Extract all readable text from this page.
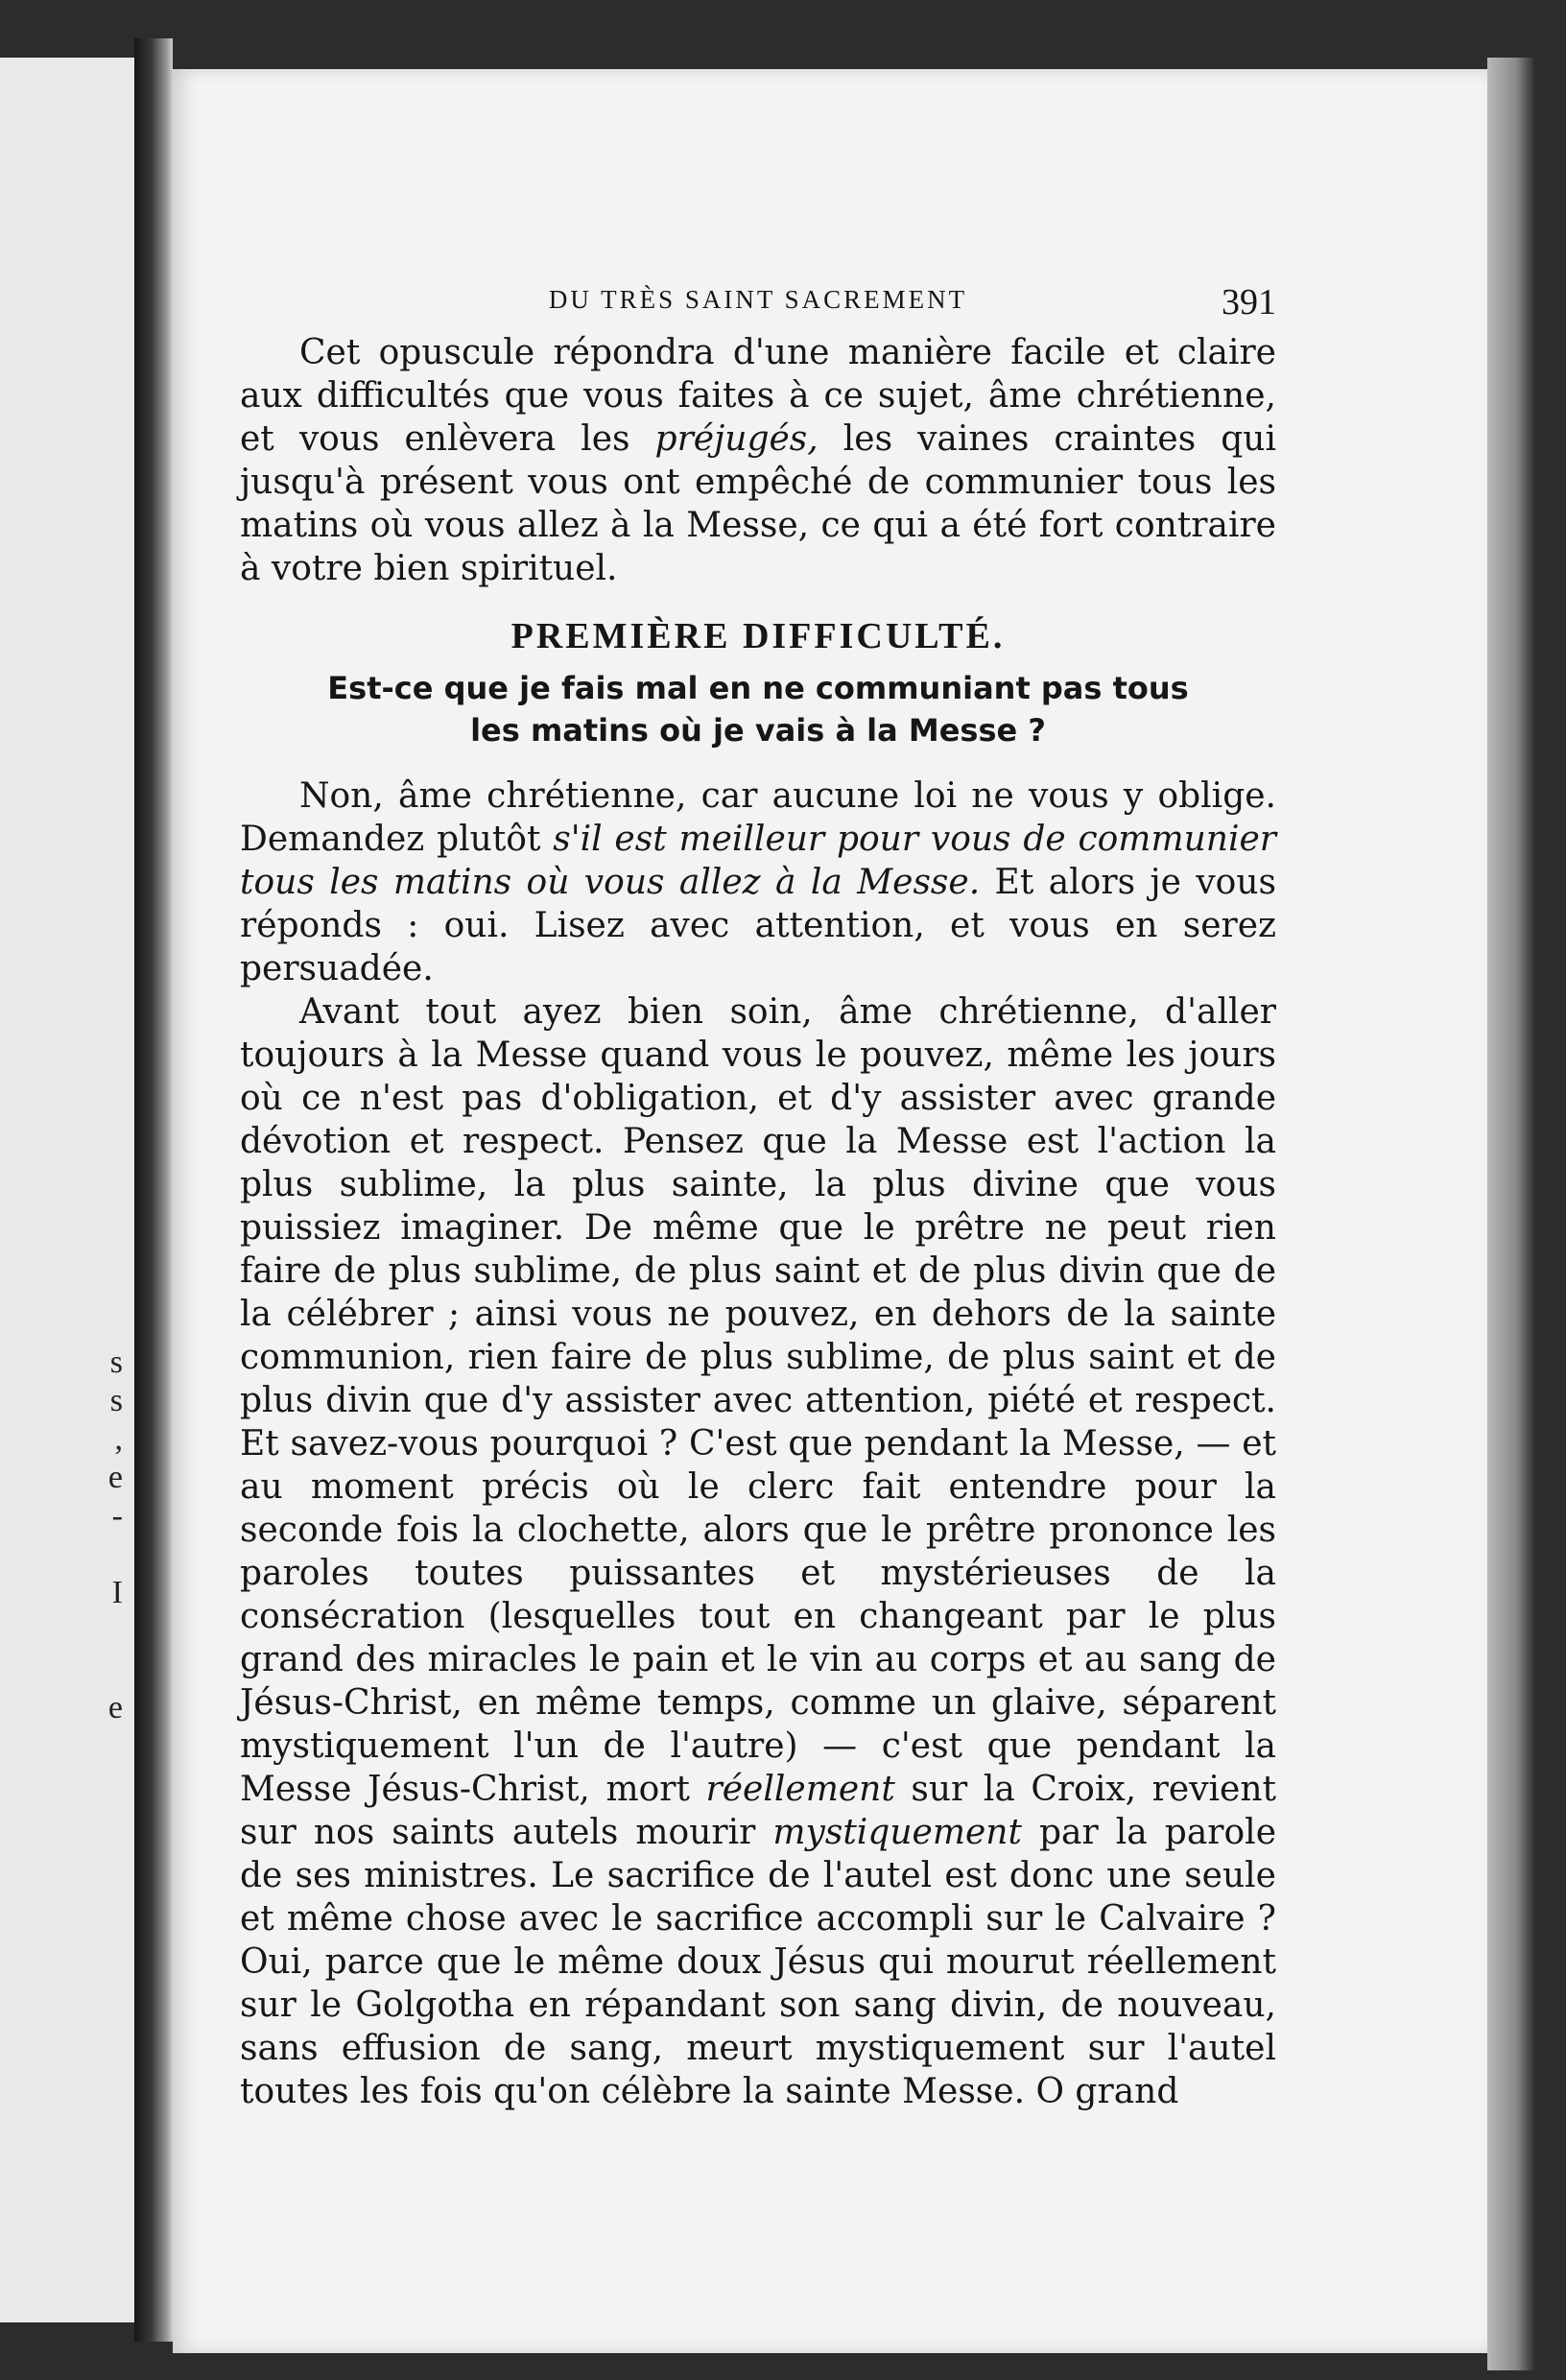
s
s
,
e
-

I

e
DU TRÈS SAINT SACREMENT	391

Cet opuscule répondra d'une manière facile et claire aux difficultés que vous faites à ce sujet, âme chrétienne, et vous enlèvera les préjugés, les vaines craintes qui jusqu'à présent vous ont empêché de communier tous les matins où vous allez à la Messe, ce qui a été fort contraire à votre bien spirituel.

PREMIÈRE DIFFICULTÉ.
Est-ce que je fais mal en ne communiant pas tous
les matins où je vais à la Messe ?

Non, âme chrétienne, car aucune loi ne vous y oblige. Demandez plutôt s'il est meilleur pour vous de communier tous les matins où vous allez à la Messe. Et alors je vous réponds : oui. Lisez avec attention, et vous en serez persuadée.

Avant tout ayez bien soin, âme chrétienne, d'aller toujours à la Messe quand vous le pouvez, même les jours où ce n'est pas d'obligation, et d'y assister avec grande dévotion et respect. Pensez que la Messe est l'action la plus sublime, la plus sainte, la plus divine que vous puissiez imaginer. De même que le prêtre ne peut rien faire de plus sublime, de plus saint et de plus divin que de la célébrer ; ainsi vous ne pouvez, en dehors de la sainte communion, rien faire de plus sublime, de plus saint et de plus divin que d'y assister avec attention, piété et respect. Et savez-vous pourquoi ? C'est que pendant la Messe, — et au moment précis où le clerc fait entendre pour la seconde fois la clochette, alors que le prêtre prononce les paroles toutes puissantes et mystérieuses de la consécration (lesquelles tout en changeant par le plus grand des miracles le pain et le vin au corps et au sang de Jésus-Christ, en même temps, comme un glaive, séparent mystiquement l'un de l'autre) — c'est que pendant la Messe Jésus-Christ, mort réellement sur la Croix, revient sur nos saints autels mourir mystiquement par la parole de ses ministres. Le sacrifice de l'autel est donc une seule et même chose avec le sacrifice accompli sur le Calvaire ? Oui, parce que le même doux Jésus qui mourut réellement sur le Golgotha en répandant son sang divin, de nouveau, sans effusion de sang, meurt mystiquement sur l'autel toutes les fois qu'on célèbre la sainte Messe. O grand
